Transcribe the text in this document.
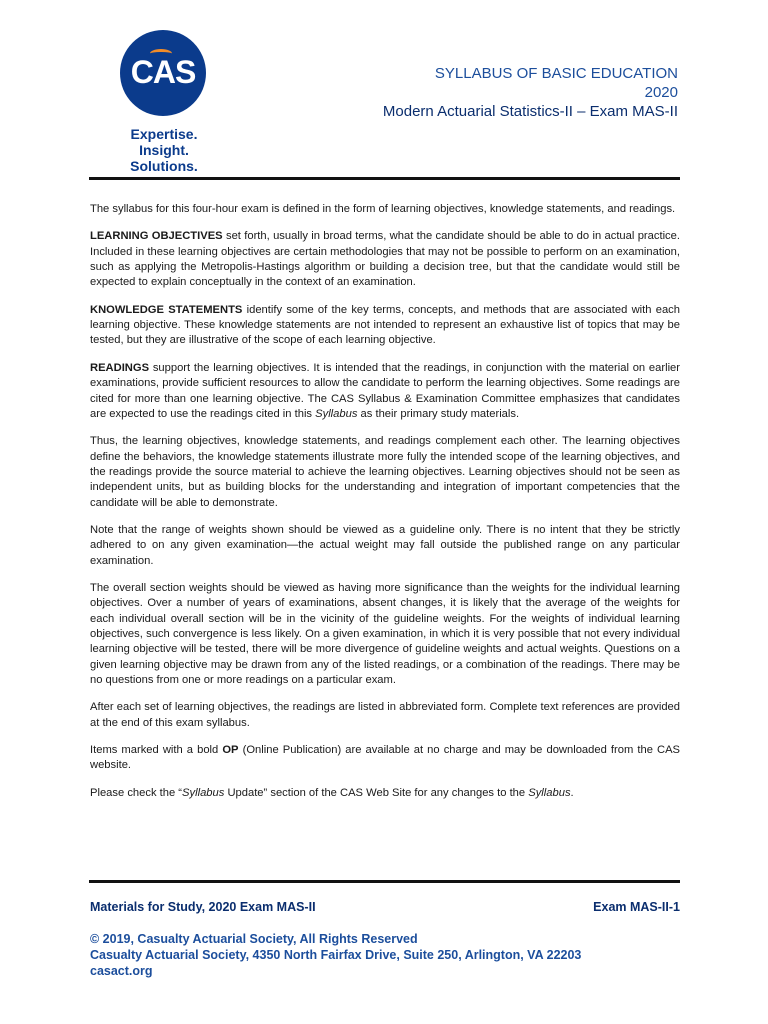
CAS
Expertise. Insight.
Solutions.
SYLLABUS OF BASIC EDUCATION
2020
Modern Actuarial Statistics-II – Exam MAS-II

The syllabus for this four-hour exam is defined in the form of learning objectives, knowledge statements, and readings.

LEARNING OBJECTIVES set forth, usually in broad terms, what the candidate should be able to do in actual practice. Included in these learning objectives are certain methodologies that may not be possible to perform on an examination, such as applying the Metropolis-Hastings algorithm or building a decision tree, but that the candidate would still be expected to explain conceptually in the context of an examination.

KNOWLEDGE STATEMENTS identify some of the key terms, concepts, and methods that are associated with each learning objective. These knowledge statements are not intended to represent an exhaustive list of topics that may be tested, but they are illustrative of the scope of each learning objective.

READINGS support the learning objectives. It is intended that the readings, in conjunction with the material on earlier examinations, provide sufficient resources to allow the candidate to perform the learning objectives. Some readings are cited for more than one learning objective. The CAS Syllabus & Examination Committee emphasizes that candidates are expected to use the readings cited in this Syllabus as their primary study materials.

Thus, the learning objectives, knowledge statements, and readings complement each other. The learning objectives define the behaviors, the knowledge statements illustrate more fully the intended scope of the learning objectives, and the readings provide the source material to achieve the learning objectives. Learning objectives should not be seen as independent units, but as building blocks for the understanding and integration of important competencies that the candidate will be able to demonstrate.

Note that the range of weights shown should be viewed as a guideline only. There is no intent that they be strictly adhered to on any given examination—the actual weight may fall outside the published range on any particular examination.

The overall section weights should be viewed as having more significance than the weights for the individual learning objectives. Over a number of years of examinations, absent changes, it is likely that the average of the weights for each individual overall section will be in the vicinity of the guideline weights. For the weights of individual learning objectives, such convergence is less likely. On a given examination, in which it is very possible that not every individual learning objective will be tested, there will be more divergence of guideline weights and actual weights. Questions on a given learning objective may be drawn from any of the listed readings, or a combination of the readings. There may be no questions from one or more readings on a particular exam.

After each set of learning objectives, the readings are listed in abbreviated form. Complete text references are provided at the end of this exam syllabus.

Items marked with a bold OP (Online Publication) are available at no charge and may be downloaded from the CAS website.

Please check the “Syllabus Update” section of the CAS Web Site for any changes to the Syllabus.

Materials for Study, 2020 Exam MAS-II	Exam MAS-II-1
© 2019, Casualty Actuarial Society, All Rights Reserved
Casualty Actuarial Society, 4350 North Fairfax Drive, Suite 250, Arlington, VA 22203
casact.org
